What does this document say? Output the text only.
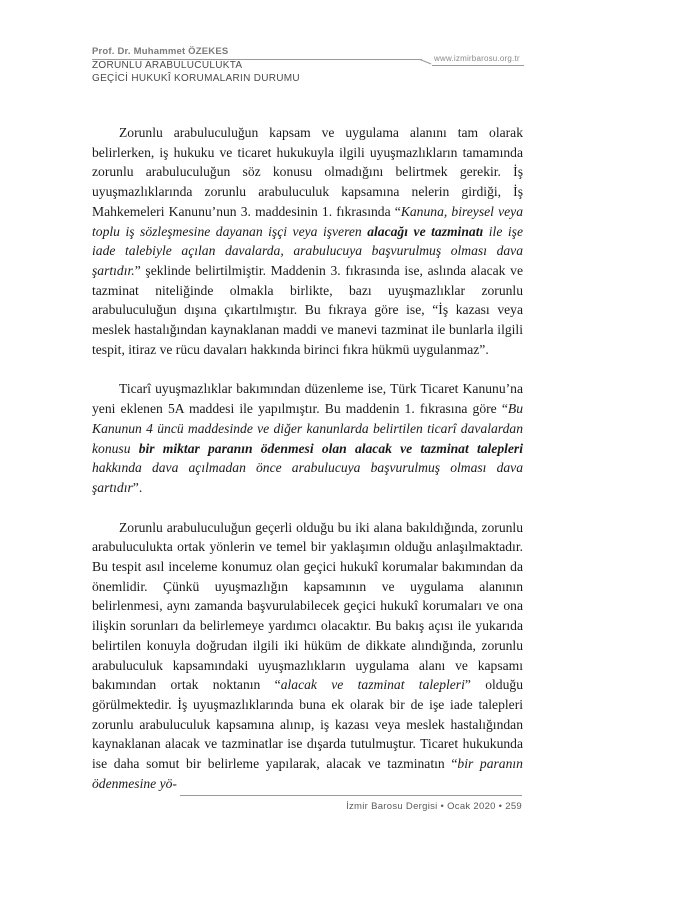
Prof. Dr. Muhammet ÖZEKES
ZORUNLU ARABULUCULUKTA
GEÇİCİ HUKUKÎ KORUMALARIN DURUMU
www.izmirbarosu.org.tr

Zorunlu arabuluculuğun kapsam ve uygulama alanını tam olarak belirlerken, iş hukuku ve ticaret hukukuyla ilgili uyuşmazlıkların tamamında zorunlu arabuluculuğun söz konusu olmadığını belirtmek gerekir. İş uyuşmazlıklarında zorunlu arabuluculuk kapsamına nelerin girdiği, İş Mahkemeleri Kanunu’nun 3. maddesinin 1. fıkrasında “Kanuna, bireysel veya toplu iş sözleşmesine dayanan işçi veya işveren alacağı ve tazminatı ile işe iade talebiyle açılan davalarda, arabulucuya başvurulmuş olması dava şartıdır.” şeklinde belirtilmiştir. Maddenin 3. fıkrasında ise, aslında alacak ve tazminat niteliğinde olmakla birlikte, bazı uyuşmazlıklar zorunlu arabuluculuğun dışına çıkartılmıştır. Bu fıkraya göre ise, “İş kazası veya meslek hastalığından kaynaklanan maddi ve manevi tazminat ile bunlarla ilgili tespit, itiraz ve rücu davaları hakkında birinci fıkra hükmü uygulanmaz”.

Ticarî uyuşmazlıklar bakımından düzenleme ise, Türk Ticaret Kanunu’na yeni eklenen 5A maddesi ile yapılmıştır. Bu maddenin 1. fıkrasına göre “Bu Kanunun 4 üncü maddesinde ve diğer kanunlarda belirtilen ticarî davalardan konusu bir miktar paranın ödenmesi olan alacak ve tazminat talepleri hakkında dava açılmadan önce arabulucuya başvurulmuş olması dava şartıdır”.

Zorunlu arabuluculuğun geçerli olduğu bu iki alana bakıldığında, zorunlu arabuluculukta ortak yönlerin ve temel bir yaklaşımın olduğu anlaşılmaktadır. Bu tespit asıl inceleme konumuz olan geçici hukukî korumalar bakımından da önemlidir. Çünkü uyuşmazlığın kapsamının ve uygulama alanının belirlenmesi, aynı zamanda başvurulabilecek geçici hukukî korumaları ve ona ilişkin sorunları da belirlemeye yardımcı olacaktır. Bu bakış açısı ile yukarıda belirtilen konuyla doğrudan ilgili iki hüküm de dikkate alındığında, zorunlu arabuluculuk kapsamındaki uyuşmazlıkların uygulama alanı ve kapsamı bakımından ortak noktanın “alacak ve tazminat talepleri” olduğu görülmektedir. İş uyuşmazlıklarında buna ek olarak bir de işe iade talepleri zorunlu arabuluculuk kapsamına alınıp, iş kazası veya meslek hastalığından kaynaklanan alacak ve tazminatlar ise dışarda tutulmuştur. Ticaret hukukunda ise daha somut bir belirleme yapılarak, alacak ve tazminatın “bir paranın ödenmesine yö-

İzmir Barosu Dergisi • Ocak 2020 • 259
